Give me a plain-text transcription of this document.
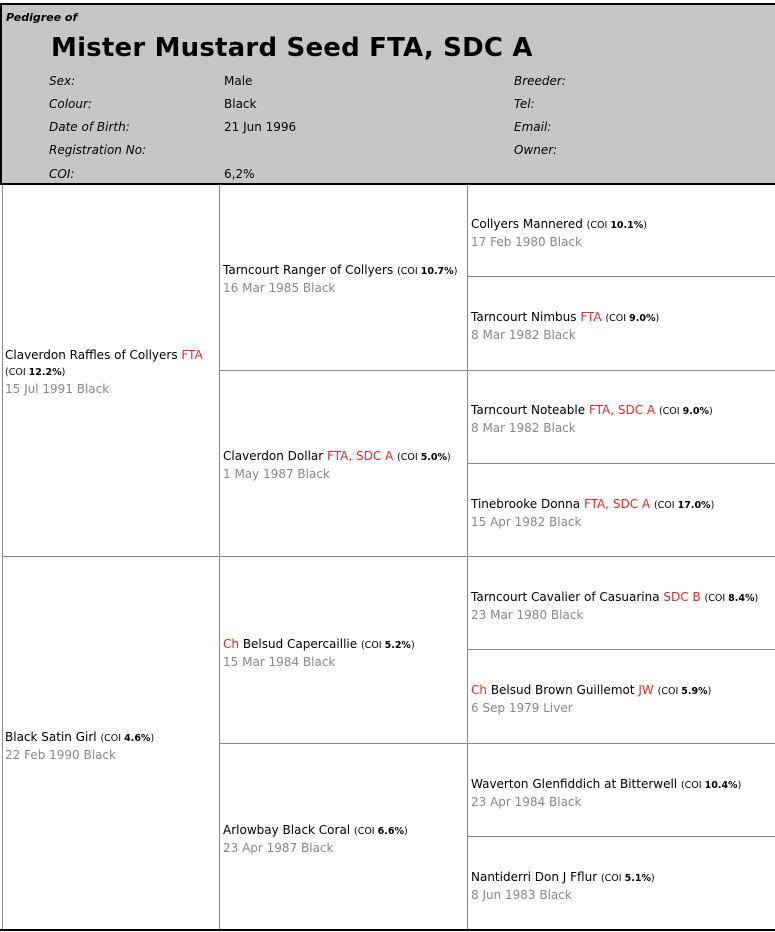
Pedigree of
Mister Mustard Seed FTA, SDC A
Sex:	Male
Colour:	Black
Date of Birth:	21 Jun 1996
Registration No:
COI:	6,2%
Breeder:
Tel:
Email:
Owner:
Claverdon Raffles of Collyers FTA
(COI 12.2%)
15 Jul 1991 Black
Black Satin Girl (COI 4.6%)
22 Feb 1990 Black
Tarncourt Ranger of Collyers (COI 10.7%)
16 Mar 1985 Black
Claverdon Dollar FTA, SDC A (COI 5.0%)
1 May 1987 Black
Ch Belsud Capercaillie (COI 5.2%)
15 Mar 1984 Black
Arlowbay Black Coral (COI 6.6%)
23 Apr 1987 Black
Collyers Mannered (COI 10.1%)
17 Feb 1980 Black
Tarncourt Nimbus FTA (COI 9.0%)
8 Mar 1982 Black
Tarncourt Noteable FTA, SDC A (COI 9.0%)
8 Mar 1982 Black
Tinebrooke Donna FTA, SDC A (COI 17.0%)
15 Apr 1982 Black
Tarncourt Cavalier of Casuarina SDC B (COI 8.4%)
23 Mar 1980 Black
Ch Belsud Brown Guillemot JW (COI 5.9%)
6 Sep 1979 Liver
Waverton Glenfiddich at Bitterwell (COI 10.4%)
23 Apr 1984 Black
Nantiderri Don J Fflur (COI 5.1%)
8 Jun 1983 Black
